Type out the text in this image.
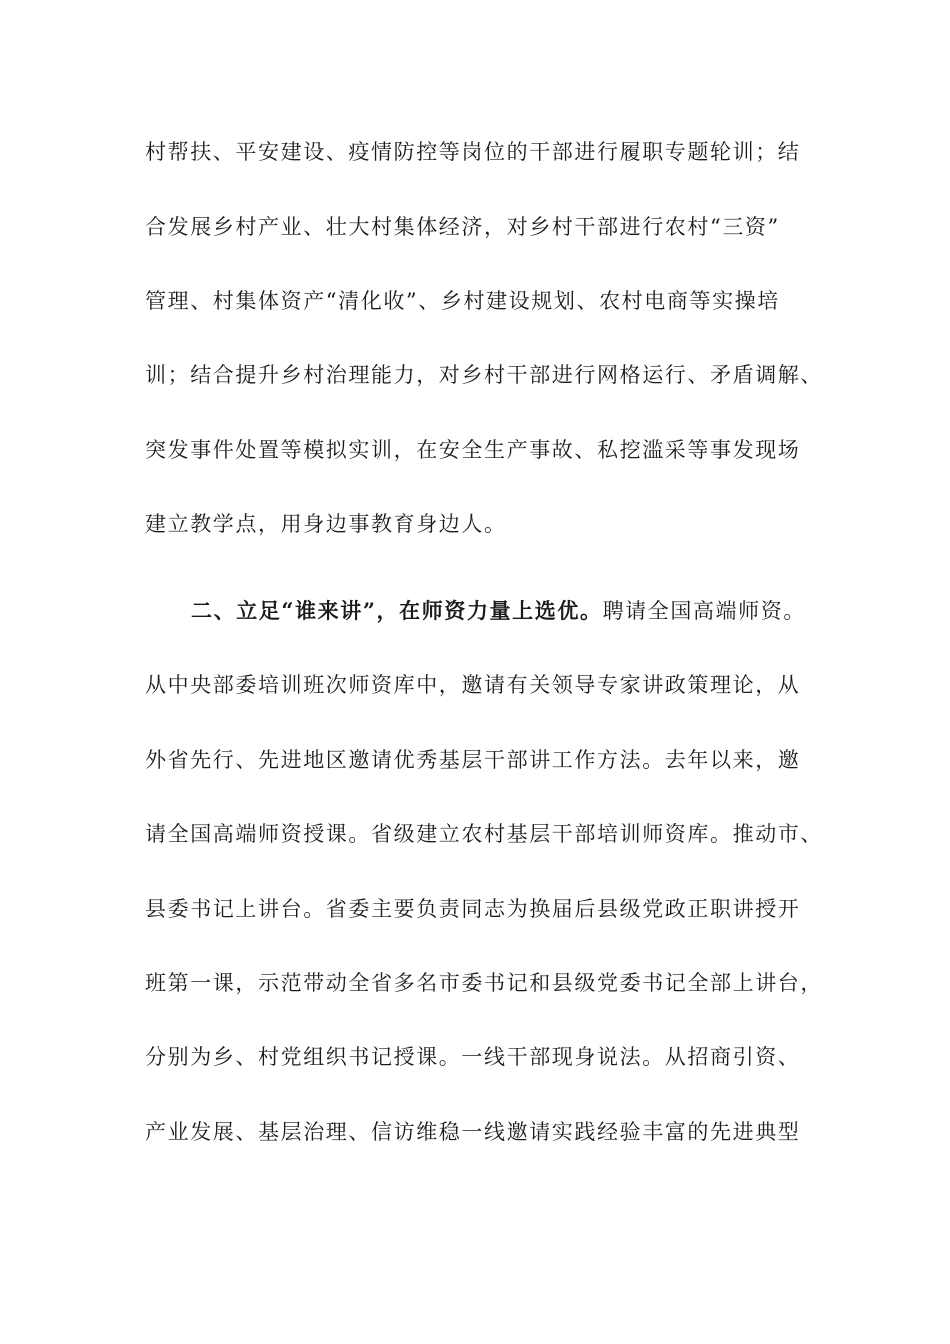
村帮扶、平安建设、疫情防控等岗位的干部进行履职专题轮训；结
合发展乡村产业、壮大村集体经济，对乡村干部进行农村“三资”
管理、村集体资产“清化收”、乡村建设规划、农村电商等实操培
训；结合提升乡村治理能力，对乡村干部进行网格运行、矛盾调解、
突发事件处置等模拟实训，在安全生产事故、私挖滥采等事发现场
建立教学点，用身边事教育身边人。
二、立足“谁来讲”，在师资力量上选优。聘请全国高端师资。
从中央部委培训班次师资库中，邀请有关领导专家讲政策理论，从
外省先行、先进地区邀请优秀基层干部讲工作方法。去年以来，邀
请全国高端师资授课。省级建立农村基层干部培训师资库。推动市、
县委书记上讲台。省委主要负责同志为换届后县级党政正职讲授开
班第一课，示范带动全省多名市委书记和县级党委书记全部上讲台，
分别为乡、村党组织书记授课。一线干部现身说法。从招商引资、
产业发展、基层治理、信访维稳一线邀请实践经验丰富的先进典型
